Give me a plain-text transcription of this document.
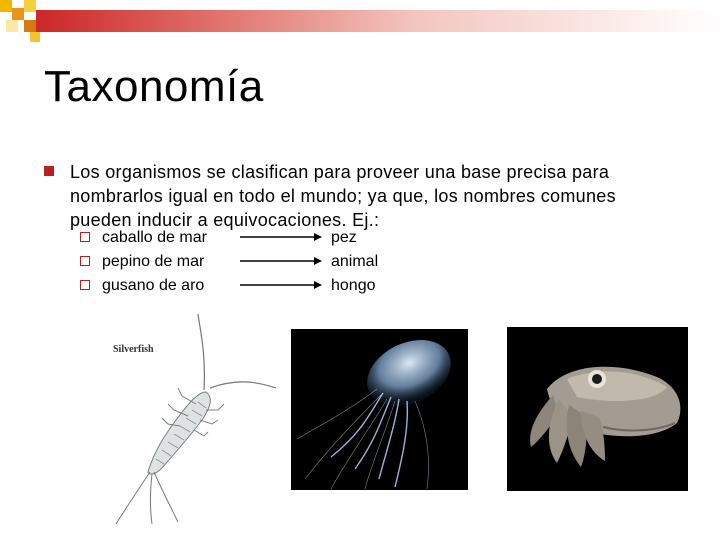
Taxonomía

Los organismos se clasifican para proveer una base precisa para nombrarlos igual en todo el mundo; ya que, los nombres comunes pueden inducir a equivocaciones. Ej.:

caballo de mar	pez
pepino de mar	animal
gusano de aro	hongo
Silverfish
